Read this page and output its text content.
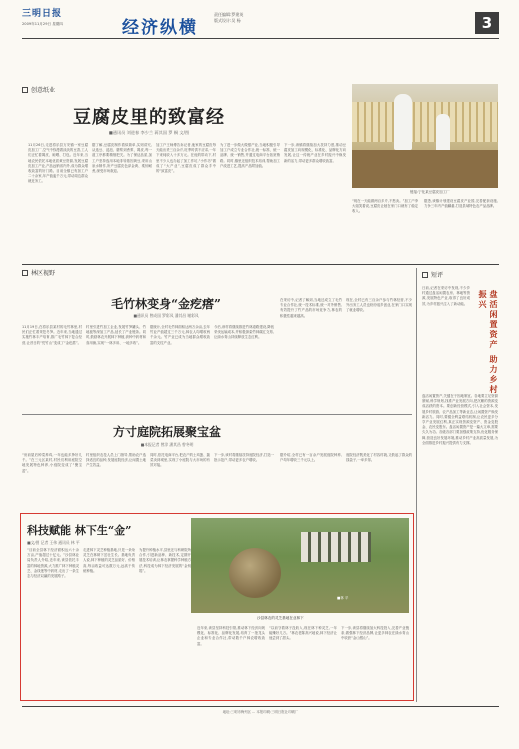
三明日报
2009年11月29日 星期四	经济纵横
责任编辑:罗建英
版式设计:吴 杨	3
创意纸业
豆腐皮里的致富经
■通讯员 刘进春 李少兰 蒋其国 罗 桐 文/图
链接:宁化某豆腐皮加工厂
11月26日,走进将乐县万安镇一家豆腐皮加工厂,空气中弥漫着淡淡的豆香,工人们正忙着揭皮、晾晒、打包。近年来,当地农民依托本地优质黄豆资源,发展豆腐皮加工产业,产品远销省内外,成为群众增收致富的好门路。目前全镇已有加工户二十余家,年产值逾千万元,带动周边群众就近务工。
据了解,豆腐皮制作看似简单,实则讲究,从选豆、浸泡、磨浆到煮浆、揭皮,每一道工序都要精细把关。为了保证品质,加工户坚持选用本地非转基因黄豆,采用山泉水制作,所产豆腐皮色泽金黄、柔韧耐煮,深受市场欢迎。
加工户王师傅告诉记者,他家的豆腐皮每天能出货三百余斤,旺季时供不应求,一年下来纯收入十多万元。在他的带动下,村里不少人也办起了加工作坊,“小作坊”做成了“大产业”,豆腐皮成了群众手中的“致富皮”。
为了进一步做大做强产业,当地积极引导加工户成立专业合作社,统一标准、统一品牌、统一销售,并通过电商平台拓宽销路。同时,镇里还组织技术培训,帮助加工户改进工艺,提高产品附加值。
下一步,该镇将继续加大扶持力度,推动豆腐皮加工向规模化、标准化、品牌化方向发展,让这一传统产业在乡村振兴中焕发新的活力,带动更多群众增收致富。
“现在一天能做两百多斤,不愁卖。”加工户李大姐笑着说,豆腐皮让她在家门口就有了稳定收入。
据悉,该镇计划建设豆腐皮产业园,完善配套设施,力争三年内产值翻番,打造县域特色农产品品牌。
林区视野
毛竹林变身“金疙瘩”
■通讯员 曾成国 罗彩凤 潘其昌 谢彩凤
11月19日,在将乐县某村的毛竹林里,村民们正忙着采挖冬笋。近年来,当地通过实施竹林丰产培育,推广毛竹林下复合经营,让昔日的“荒竹山”变成了“金疙瘩”。
村里引进竹加工企业,发展竹笋罐头、竹地板等深加工产品,延长了产业链条。同时,鼓励林农开展林下种植,套种中药材和食用菌,实现“一林多用、一地多收”。
据统计,全村毛竹林面积达两万余亩,去年竹业产值超过三千万元,林农人均增收两千余元。竹产业已成为当地群众增收致富的支柱产业。
今后,该村将继续推进竹林道路建设,降低采伐运输成本,并积极探索竹林碳汇交易,让绿水青山持续释放生态红利。
在采访中,记者了解到,当地还成立了毛竹专业合作社,统一技术标准,统一对外销售,有效提升了竹产品的市场竞争力,林农的积极性越来越高。
现在,全村已有三百余户参与竹林经营,不少外出务工人员也纷纷返乡创业,在家门口实现了就业增收。
方寸庭院拓展聚宝盆
■本报记者 曾淳 潘其昌 曾冬明
“房前屋后种菜养鸡,一年也能多挣好几千。”在三元区某村,村民们利用庭院空地发展特色种养,小庭院变成了“聚宝盆”。
村里组织农技人员上门指导,帮助农户选择适宜的品种,发展庭院经济,让闲置土地产生效益。
同时,依托电商平台,把农户的土鸡蛋、蔬菜卖到城里,实现了小庭院与大市场的有效对接。
下一步,该村将继续扶持庭院经济,打造一批示范户,带动更多农户增收。
据介绍,全村已有一百余户发展庭院种养,户均年增收三千元以上。
庭院经济既美化了村容村貌,又鼓起了群众的钱袋子,一举多得。
科技赋能 林下生“金”
■文/图 记者 王伟 通讯员 林 平
■林 平
沙县林农的灵芝基地在业林下
“目前全县林下经济面积达六十余万亩,产值超过十亿元。”沙县林业局负责人介绍,近年来,该县依托丰富的林地资源,大力推广林下种植灵芝、金线莲等中药材,走出了一条生态与经济双赢的发展路子。
走进林下灵芝种植基地,只见一朵朵灵芝在林荫下茁壮生长。基地负责人说,林下种植的灵芝品质好、价格高,每亩收益可达数万元,远高于传统种植。
为提升种植水平,县里还与科研院所合作,引进新品种、新技术,定期开展技术培训,让林农掌握科学种植方法,科技成为林下经济发展的“金钥匙”。
近年来,该县坚持科技引领,推动林下经济向规模化、标准化、品牌化发展,培育了一批龙头企业和专业合作社,带动数千户林农增收致富。
“以前守着林子没收入,现在林下种灵芝,一年能赚好几万。”林农老陈高兴地说,林下经济让他尝到了甜头。
下一步,该县将继续加大科技投入,完善产业链条,做强林下经济品牌,让更多林农在绿水青山中收获“金山银山”。
短评
日前,记者在采访中发现,不少乡村通过盘活闲置农房、林地等资源,发展特色产业,取得了良好成效,为乡村振兴注入了新动能。	盘活闲置资产 助力乡村振兴
盘活闲置资产,关键在于因地制宜。各地要立足资源禀赋,科学规划,找准产业发展方向,把沉睡的资源变成活跃的资本。要创新经营模式,引入社会资本,发展乡村旅游、农产品加工等新业态,让闲置资产焕发新活力。同时,要健全利益联结机制,让农民更多分享产业发展红利,真正实现资源变资产、资金变股金、农民变股东。盘活闲置资产是一篇大文章,需要久久为功。各级各部门要加强政策支持,优化服务保障,营造良好发展环境,推动乡村产业高质量发展,为全面推进乡村振兴提供有力支撑。
地址:三明市梅列区 ... 本报印刷:三明日报社印刷厂
